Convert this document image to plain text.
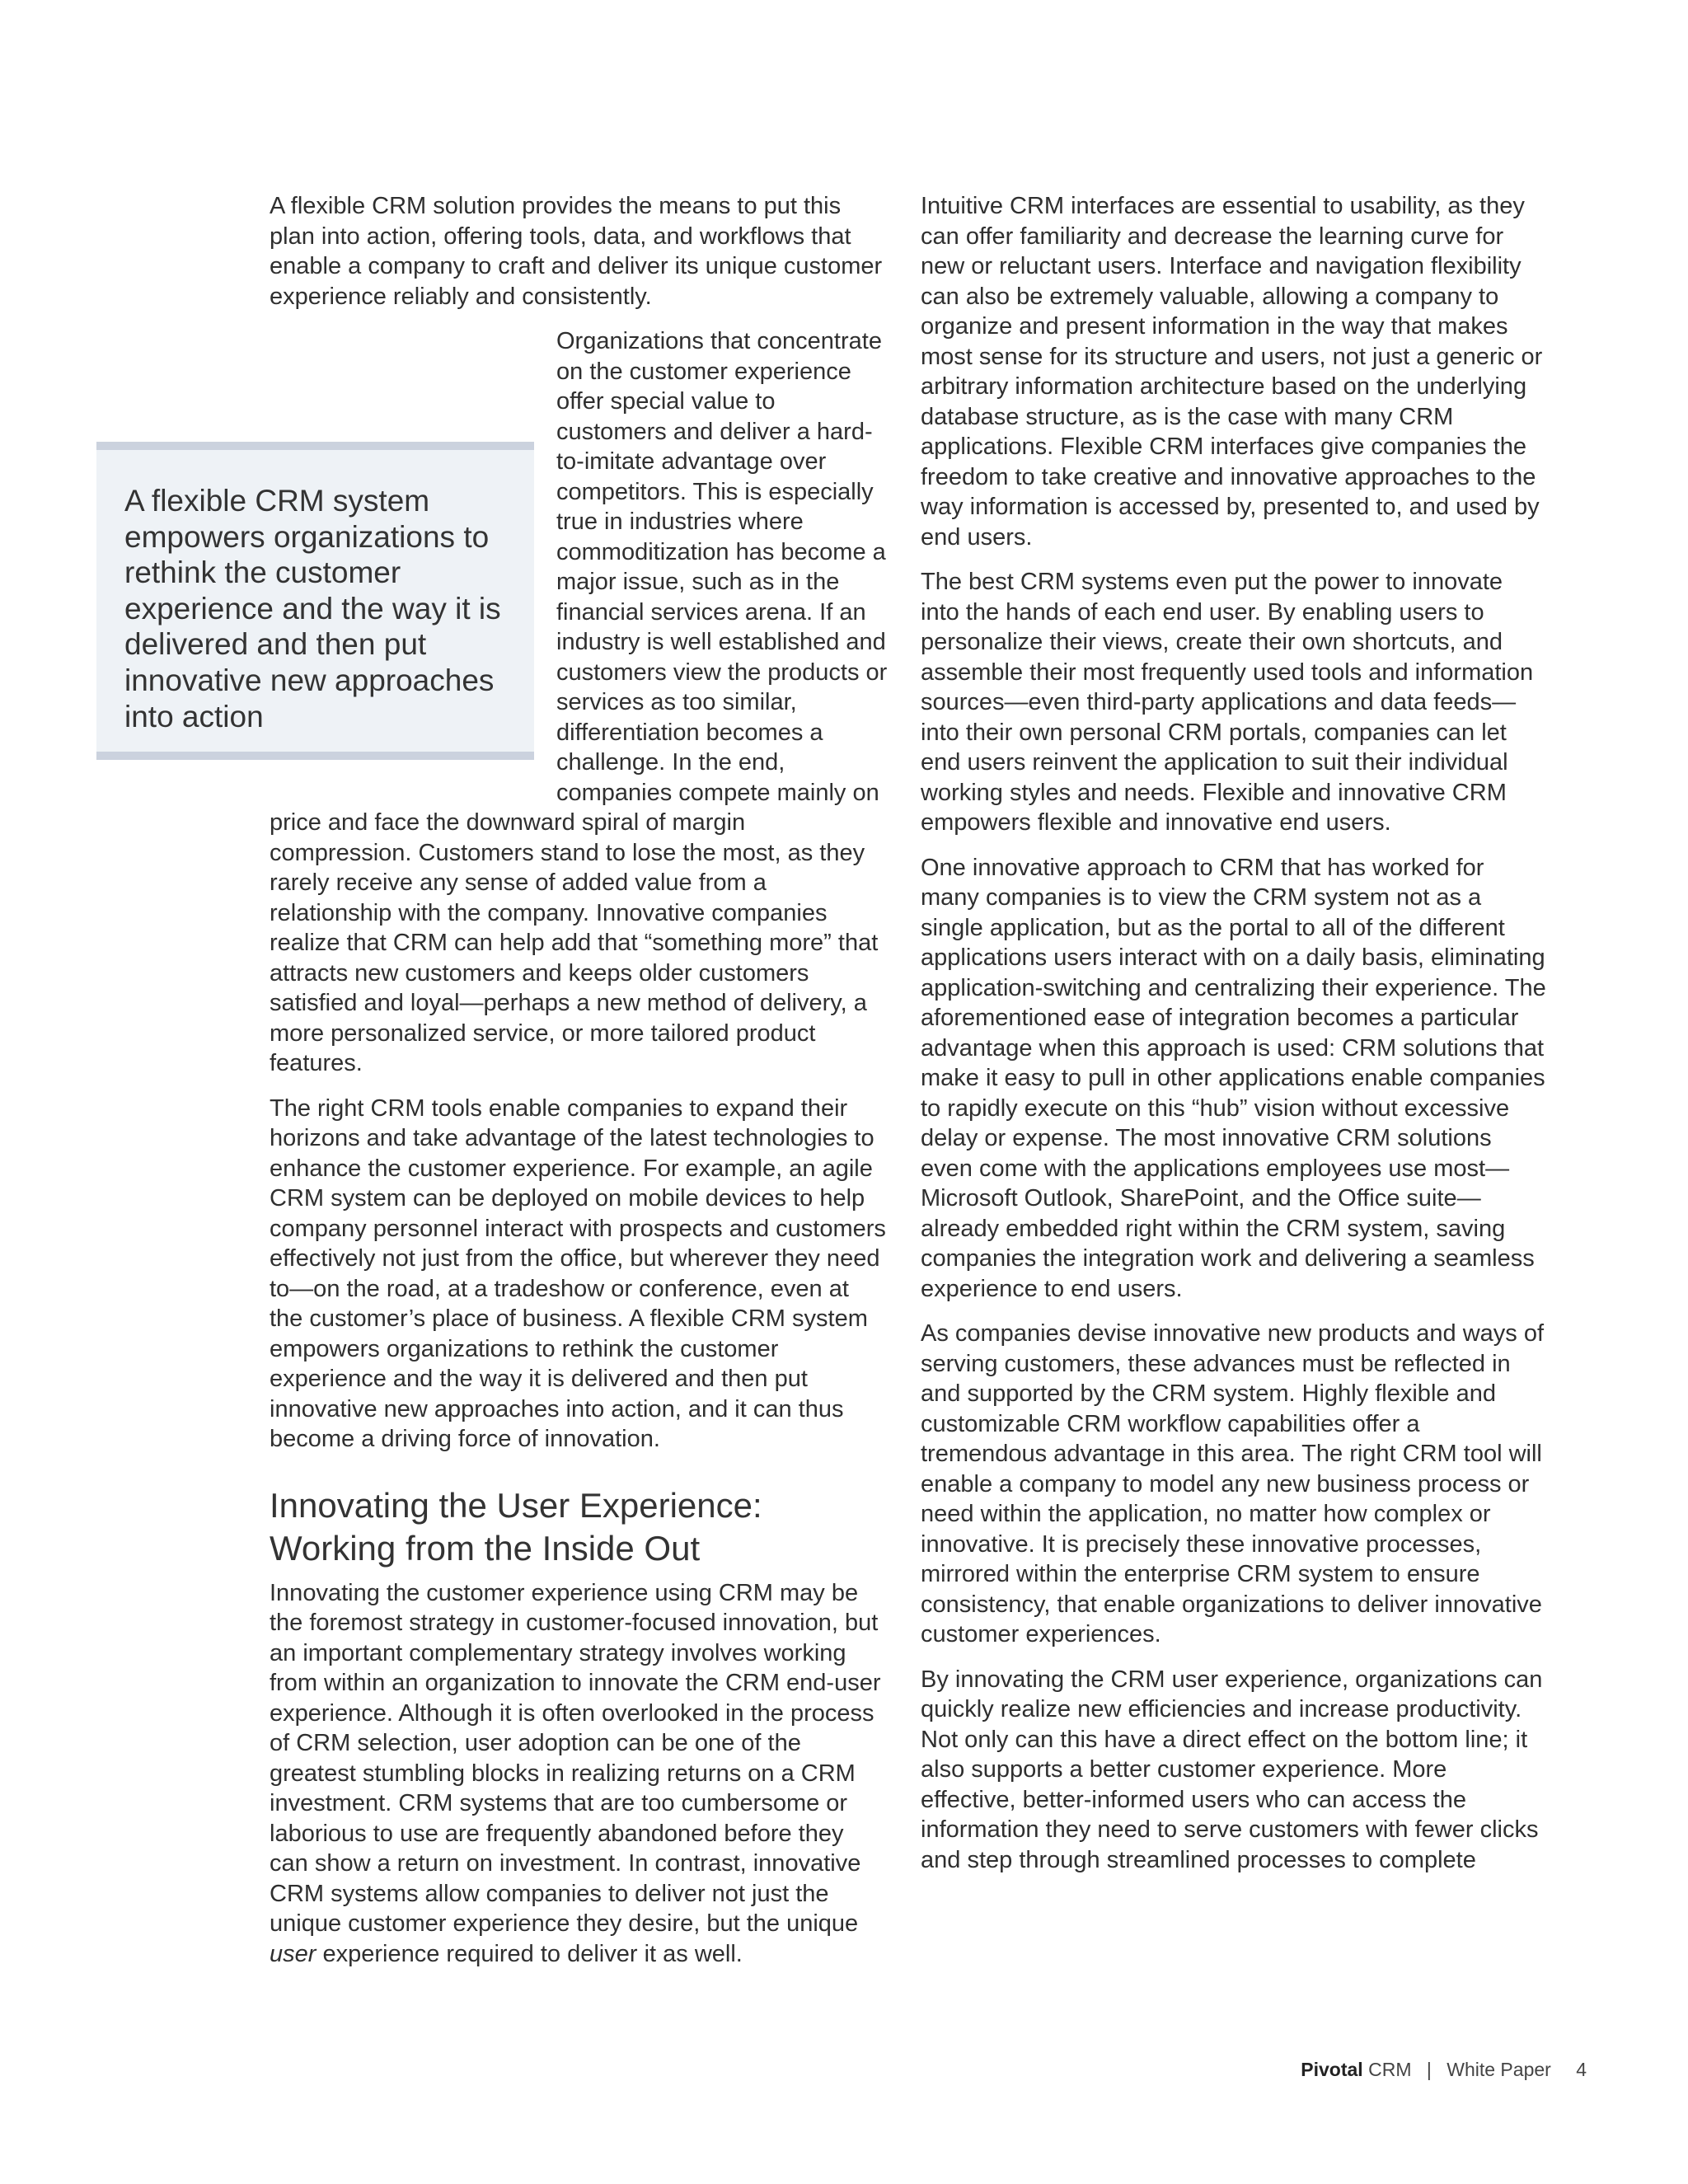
A flexible CRM solution provides the means to put this plan into action, offering tools, data, and workflows that enable a company to craft and deliver its unique customer experience reliably and consistently.

Organizations that concentrate on the customer experience offer special value to customers and deliver a hard-to-imitate advantage over competitors. This is especially true in industries where commoditization has become a major issue, such as in the financial services arena. If an industry is well established and customers view the products or services as too similar, differentiation becomes a challenge. In the end, companies compete mainly on price and face the downward spiral of margin compression. Customers stand to lose the most, as they rarely receive any sense of added value from a relationship with the company. Innovative companies realize that CRM can help add that “something more” that attracts new customers and keeps older customers satisfied and loyal—perhaps a new method of delivery, a more personalized service, or more tailored product features.

The right CRM tools enable companies to expand their horizons and take advantage of the latest technologies to enhance the customer experience. For example, an agile CRM system can be deployed on mobile devices to help company personnel interact with prospects and customers effectively not just from the office, but wherever they need to—on the road, at a tradeshow or conference, even at the customer’s place of business. A flexible CRM system empowers organizations to rethink the customer experience and the way it is delivered and then put innovative new approaches into action, and it can thus become a driving force of innovation.

Innovating the User Experience:
Working from the Inside Out

Innovating the customer experience using CRM may be the foremost strategy in customer-focused innovation, but an important complementary strategy involves working from within an organization to innovate the CRM end-user experience. Although it is often overlooked in the process of CRM selection, user adoption can be one of the greatest stumbling blocks in realizing returns on a CRM investment. CRM systems that are too cumbersome or laborious to use are frequently abandoned before they can show a return on investment. In contrast, innovative CRM systems allow companies to deliver not just the unique customer experience they desire, but the unique user experience required to deliver it as well.

A flexible CRM system empowers organizations to rethink the customer experience and the way it is delivered and then put innovative new approaches into action

Intuitive CRM interfaces are essential to usability, as they can offer familiarity and decrease the learning curve for new or reluctant users. Interface and navigation flexibility can also be extremely valuable, allowing a company to organize and present information in the way that makes most sense for its structure and users, not just a generic or arbitrary information architecture based on the underlying database structure, as is the case with many CRM applications. Flexible CRM interfaces give companies the freedom to take creative and innovative approaches to the way information is accessed by, presented to, and used by end users.

The best CRM systems even put the power to innovate into the hands of each end user. By enabling users to personalize their views, create their own shortcuts, and assemble their most frequently used tools and information sources—even third-party applications and data feeds—into their own personal CRM portals, companies can let end users reinvent the application to suit their individual working styles and needs. Flexible and innovative CRM empowers flexible and innovative end users.

One innovative approach to CRM that has worked for many companies is to view the CRM system not as a single application, but as the portal to all of the different applications users interact with on a daily basis, eliminating application-switching and centralizing their experience. The aforementioned ease of integration becomes a particular advantage when this approach is used: CRM solutions that make it easy to pull in other applications enable companies to rapidly execute on this “hub” vision without excessive delay or expense. The most innovative CRM solutions even come with the applications employees use most—Microsoft Outlook, SharePoint, and the Office suite—already embedded right within the CRM system, saving companies the integration work and delivering a seamless experience to end users.

As companies devise innovative new products and ways of serving customers, these advances must be reflected in and supported by the CRM system. Highly flexible and customizable CRM workflow capabilities offer a tremendous advantage in this area. The right CRM tool will enable a company to model any new business process or need within the application, no matter how complex or innovative. It is precisely these innovative processes, mirrored within the enterprise CRM system to ensure consistency, that enable organizations to deliver innovative customer experiences.

By innovating the CRM user experience, organizations can quickly realize new efficiencies and increase productivity. Not only can this have a direct effect on the bottom line; it also supports a better customer experience. More effective, better-informed users who can access the information they need to serve customers with fewer clicks and step through streamlined processes to complete

Pivotal CRM | White Paper 4
